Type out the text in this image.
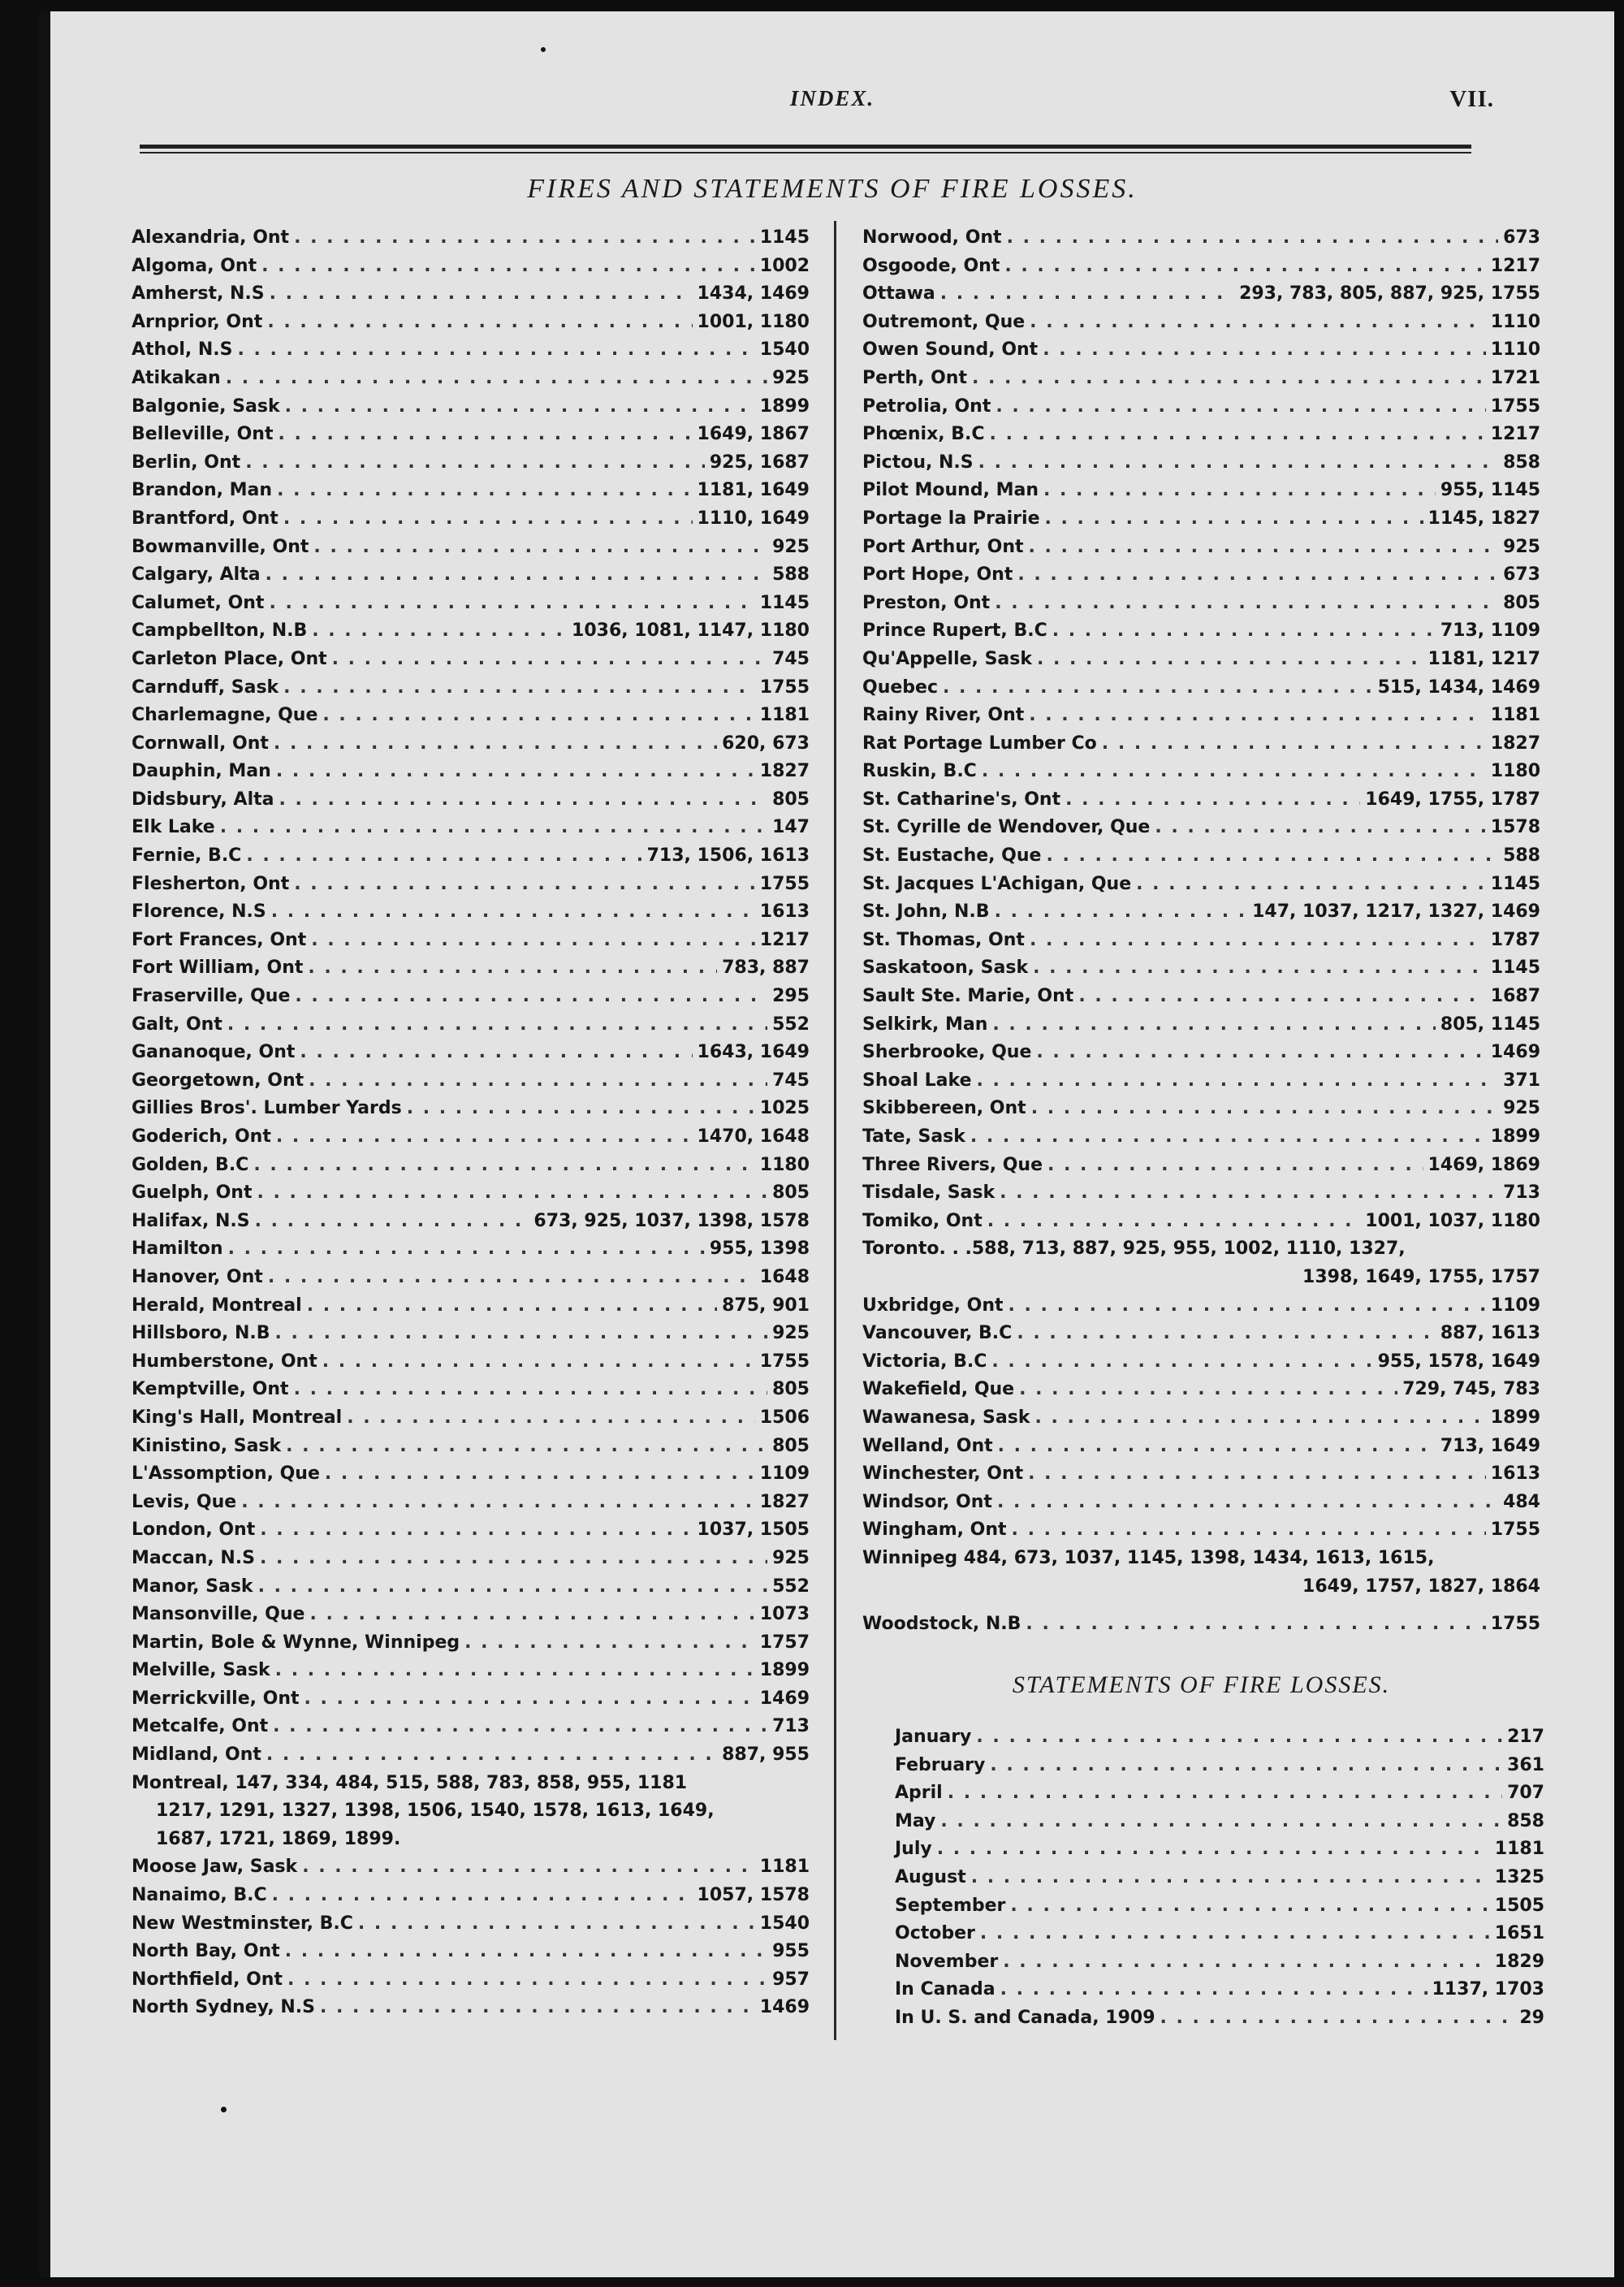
INDEX.	VII.
FIRES AND STATEMENTS OF FIRE LOSSES.
Alexandria, Ont . . .	1145
Algoma, Ont . . .	1002
Amherst, N.S . . .	1434, 1469
Arnprior, Ont . . .	1001, 1180
Athol, N.S . . .	1540
Atikakan . . .	925
Balgonie, Sask . . .	1899
Belleville, Ont . . .	1649, 1867
Berlin, Ont . . .	925, 1687
Brandon, Man . . .	1181, 1649
Brantford, Ont . . .	1110, 1649
Bowmanville, Ont . . .	925
Calgary, Alta . . .	588
Calumet, Ont . . .	1145
Campbellton, N.B . . .	1036, 1081, 1147, 1180
Carleton Place, Ont . . .	745
Carnduff, Sask . . .	1755
Charlemagne, Que . . .	1181
Cornwall, Ont . . .	620, 673
Dauphin, Man . . .	1827
Didsbury, Alta . . .	805
Elk Lake . . .	147
Fernie, B.C . . .	713, 1506, 1613
Flesherton, Ont . . .	1755
Florence, N.S . . .	1613
Fort Frances, Ont . . .	1217
Fort William, Ont . . .	783, 887
Fraserville, Que . . .	295
Galt, Ont . . .	552
Gananoque, Ont . . .	1643, 1649
Georgetown, Ont . . .	745
Gillies Bros'. Lumber Yards . . .	1025
Goderich, Ont . . .	1470, 1648
Golden, B.C . . .	1180
Guelph, Ont . . .	805
Halifax, N.S . . .	673, 925, 1037, 1398, 1578
Hamilton . . .	955, 1398
Hanover, Ont . . .	1648
Herald, Montreal . . .	875, 901
Hillsboro, N.B . . .	925
Humberstone, Ont . . .	1755
Kemptville, Ont . . .	805
King's Hall, Montreal . . .	1506
Kinistino, Sask . . .	805
L'Assomption, Que . . .	1109
Levis, Que . . .	1827
London, Ont . . .	1037, 1505
Maccan, N.S . . .	925
Manor, Sask . . .	552
Mansonville, Que . . .	1073
Martin, Bole & Wynne, Winnipeg . . .	1757
Melville, Sask . . .	1899
Merrickville, Ont . . .	1469
Metcalfe, Ont . . .	713
Midland, Ont . . .	887, 955
Montreal, 147, 334, 484, 515, 588, 783, 858, 955, 1181
1217, 1291, 1327, 1398, 1506, 1540, 1578, 1613, 1649,
1687, 1721, 1869, 1899.
Moose Jaw, Sask . . .	1181
Nanaimo, B.C . . .	1057, 1578
New Westminster, B.C . . .	1540
North Bay, Ont . . .	955
Northfield, Ont . . .	957
North Sydney, N.S . . .	1469
Norwood, Ont . . .	673
Osgoode, Ont . . .	1217
Ottawa . . .	293, 783, 805, 887, 925, 1755
Outremont, Que . . .	1110
Owen Sound, Ont . . .	1110
Perth, Ont . . .	1721
Petrolia, Ont . . .	1755
Phœnix, B.C . . .	1217
Pictou, N.S . . .	858
Pilot Mound, Man . . .	955, 1145
Portage la Prairie . . .	1145, 1827
Port Arthur, Ont . . .	925
Port Hope, Ont . . .	673
Preston, Ont . . .	805
Prince Rupert, B.C . . .	713, 1109
Qu'Appelle, Sask . . .	1181, 1217
Quebec . . .	515, 1434, 1469
Rainy River, Ont . . .	1181
Rat Portage Lumber Co . . .	1827
Ruskin, B.C . . .	1180
St. Catharine's, Ont . . .	1649, 1755, 1787
St. Cyrille de Wendover, Que . . .	1578
St. Eustache, Que . . .	588
St. Jacques L'Achigan, Que . . .	1145
St. John, N.B . . .	147, 1037, 1217, 1327, 1469
St. Thomas, Ont . . .	1787
Saskatoon, Sask . . .	1145
Sault Ste. Marie, Ont . . .	1687
Selkirk, Man . . .	805, 1145
Sherbrooke, Que . . .	1469
Shoal Lake . . .	371
Skibbereen, Ont . . .	925
Tate, Sask . . .	1899
Three Rivers, Que . . .	1469, 1869
Tisdale, Sask . . .	713
Tomiko, Ont . . .	1001, 1037, 1180
Toronto. . .588, 713, 887, 925, 955, 1002, 1110, 1327,
1398, 1649, 1755, 1757
Uxbridge, Ont . . .	1109
Vancouver, B.C . . .	887, 1613
Victoria, B.C . . .	955, 1578, 1649
Wakefield, Que . . .	729, 745, 783
Wawanesa, Sask . . .	1899
Welland, Ont . . .	713, 1649
Winchester, Ont . . .	1613
Windsor, Ont . . .	484
Wingham, Ont . . .	1755
Winnipeg 484, 673, 1037, 1145, 1398, 1434, 1613, 1615,
1649, 1757, 1827, 1864
Woodstock, N.B . . .	1755
STATEMENTS OF FIRE LOSSES.
January . . .	217
February . . .	361
April . . .	707
May . . .	858
July . . .	1181
August . . .	1325
September . . .	1505
October . . .	1651
November . . .	1829
In Canada . . .	1137, 1703
In U. S. and Canada, 1909 . . .	29
